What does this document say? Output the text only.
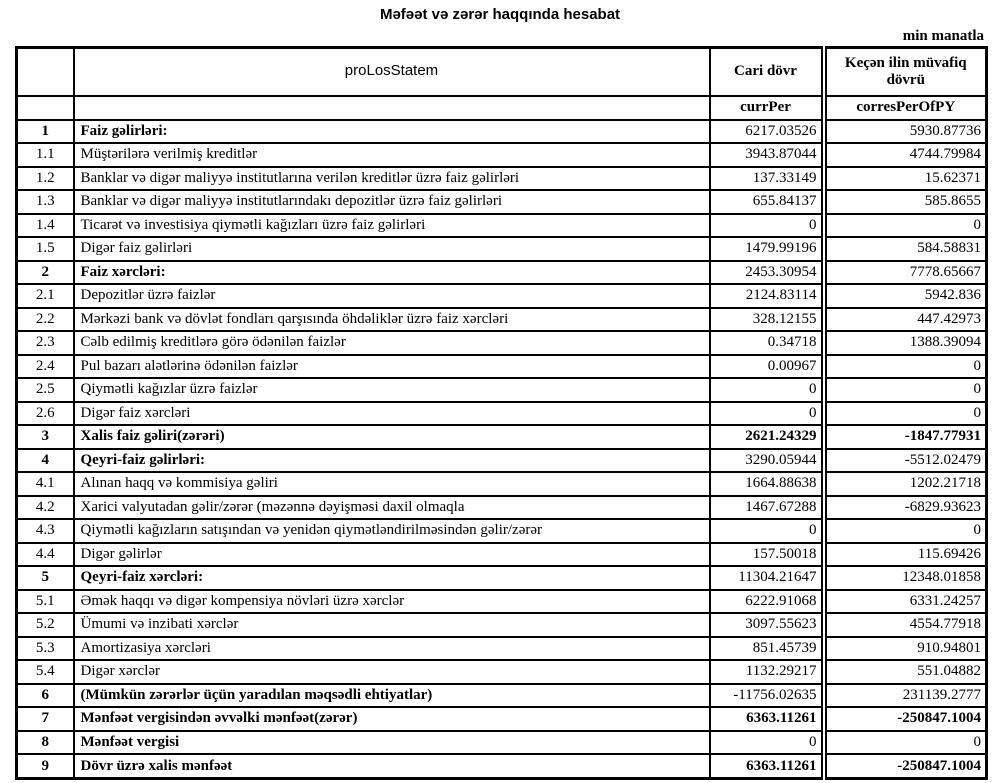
Məfəət və zərər haqqında hesabat
min manatla
	proLosStatem	Cari dövr	Keçən ilin müvafiq dövrü
		currPer	corresPerOfPY
1	Faiz gəlirləri:	6217.03526	5930.87736
1.1	Müştərilərə verilmiş kreditlər	3943.87044	4744.79984
1.2	Banklar və digər maliyyə institutlarına verilən kreditlər üzrə faiz gəlirləri	137.33149	15.62371
1.3	Banklar və digər maliyyə institutlarındakı depozitlər üzrə faiz gəlirləri	655.84137	585.8655
1.4	Ticarət və investisiya qiymətli kağızları üzrə faiz gəlirləri	0	0
1.5	Digər faiz gəlirləri	1479.99196	584.58831
2	Faiz xərcləri:	2453.30954	7778.65667
2.1	Depozitlər üzrə faizlər	2124.83114	5942.836
2.2	Mərkəzi bank və dövlət fondları qarşısında öhdəliklər üzrə faiz xərcləri	328.12155	447.42973
2.3	Cəlb edilmiş kreditlərə görə ödənilən faizlər	0.34718	1388.39094
2.4	Pul bazarı alətlərinə ödənilən faizlər	0.00967	0
2.5	Qiymətli kağızlar üzrə faizlər	0	0
2.6	Digər faiz xərcləri	0	0
3	Xalis faiz gəliri(zərəri)	2621.24329	-1847.77931
4	Qeyri-faiz gəlirləri:	3290.05944	-5512.02479
4.1	Alınan haqq və kommisiya gəliri	1664.88638	1202.21718
4.2	Xarici valyutadan gəlir/zərər (məzənnə dəyişməsi daxil olmaqla	1467.67288	-6829.93623
4.3	Qiymətli kağızların satışından və yenidən qiymətləndirilməsindən gəlir/zərər	0	0
4.4	Digər gəlirlər	157.50018	115.69426
5	Qeyri-faiz xərcləri:	11304.21647	12348.01858
5.1	Əmək haqqı və digər kompensiya növləri üzrə xərclər	6222.91068	6331.24257
5.2	Ümumi və inzibati xərclər	3097.55623	4554.77918
5.3	Amortizasiya xərcləri	851.45739	910.94801
5.4	Digər xərclər	1132.29217	551.04882
6	(Mümkün zərərlər üçün yaradılan məqsədli ehtiyatlar)	-11756.02635	231139.2777
7	Mənfəət vergisindən əvvəlki mənfəət(zərər)	6363.11261	-250847.1004
8	Mənfəət vergisi	0	0
9	Dövr üzrə xalis mənfəət	6363.11261	-250847.1004
